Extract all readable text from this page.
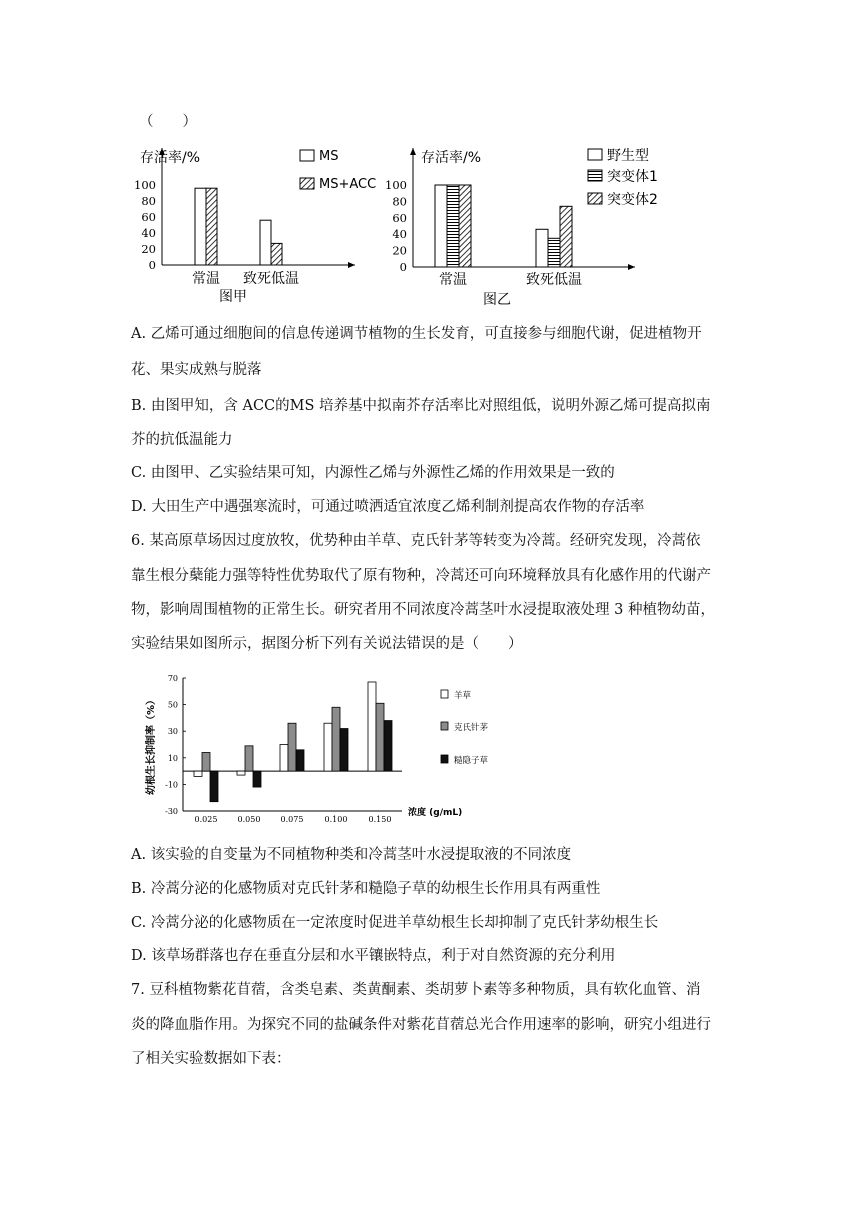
（　　）
存活率/%
100
80
60
40
20
0
常温 致死低温
图甲
MS
MS+ACC
存活率/%
100
80
60
40
20
0
常温	致死低温
图乙
野生型
突变体1
突变体2
A. 乙烯可通过细胞间的信息传递调节植物的生长发育，可直接参与细胞代谢，促进植物开
花、果实成熟与脱落
B. 由图甲知，含 ACC的MS 培养基中拟南芥存活率比对照组低，说明外源乙烯可提高拟南
芥的抗低温能力
C. 由图甲、乙实验结果可知，内源性乙烯与外源性乙烯的作用效果是一致的
D. 大田生产中遇强寒流时，可通过喷洒适宜浓度乙烯利制剂提高农作物的存活率
6. 某高原草场因过度放牧，优势种由羊草、克氏针茅等转变为冷蒿。经研究发现，冷蒿依
靠生根分蘖能力强等特性优势取代了原有物种，冷蒿还可向环境释放具有化感作用的代谢产
物，影响周围植物的正常生长。研究者用不同浓度冷蒿茎叶水浸提取液处理 3 种植物幼苗，
实验结果如图所示，据图分析下列有关说法错误的是（　　）
70
50
30
10
-10
-30
幼根生长抑制率（%）
0.025	0.050	0.075	0.100	0.150
浓度 (g/mL)
羊草
克氏针茅
糙隐子草
A. 该实验的自变量为不同植物种类和冷蒿茎叶水浸提取液的不同浓度
B. 冷蒿分泌的化感物质对克氏针茅和糙隐子草的幼根生长作用具有两重性
C. 冷蒿分泌的化感物质在一定浓度时促进羊草幼根生长却抑制了克氏针茅幼根生长
D. 该草场群落也存在垂直分层和水平镶嵌特点，利于对自然资源的充分利用
7. 豆科植物紫花苜蓿，含类皂素、类黄酮素、类胡萝卜素等多种物质，具有软化血管、消
炎的降血脂作用。为探究不同的盐碱条件对紫花苜蓿总光合作用速率的影响，研究小组进行
了相关实验数据如下表：
